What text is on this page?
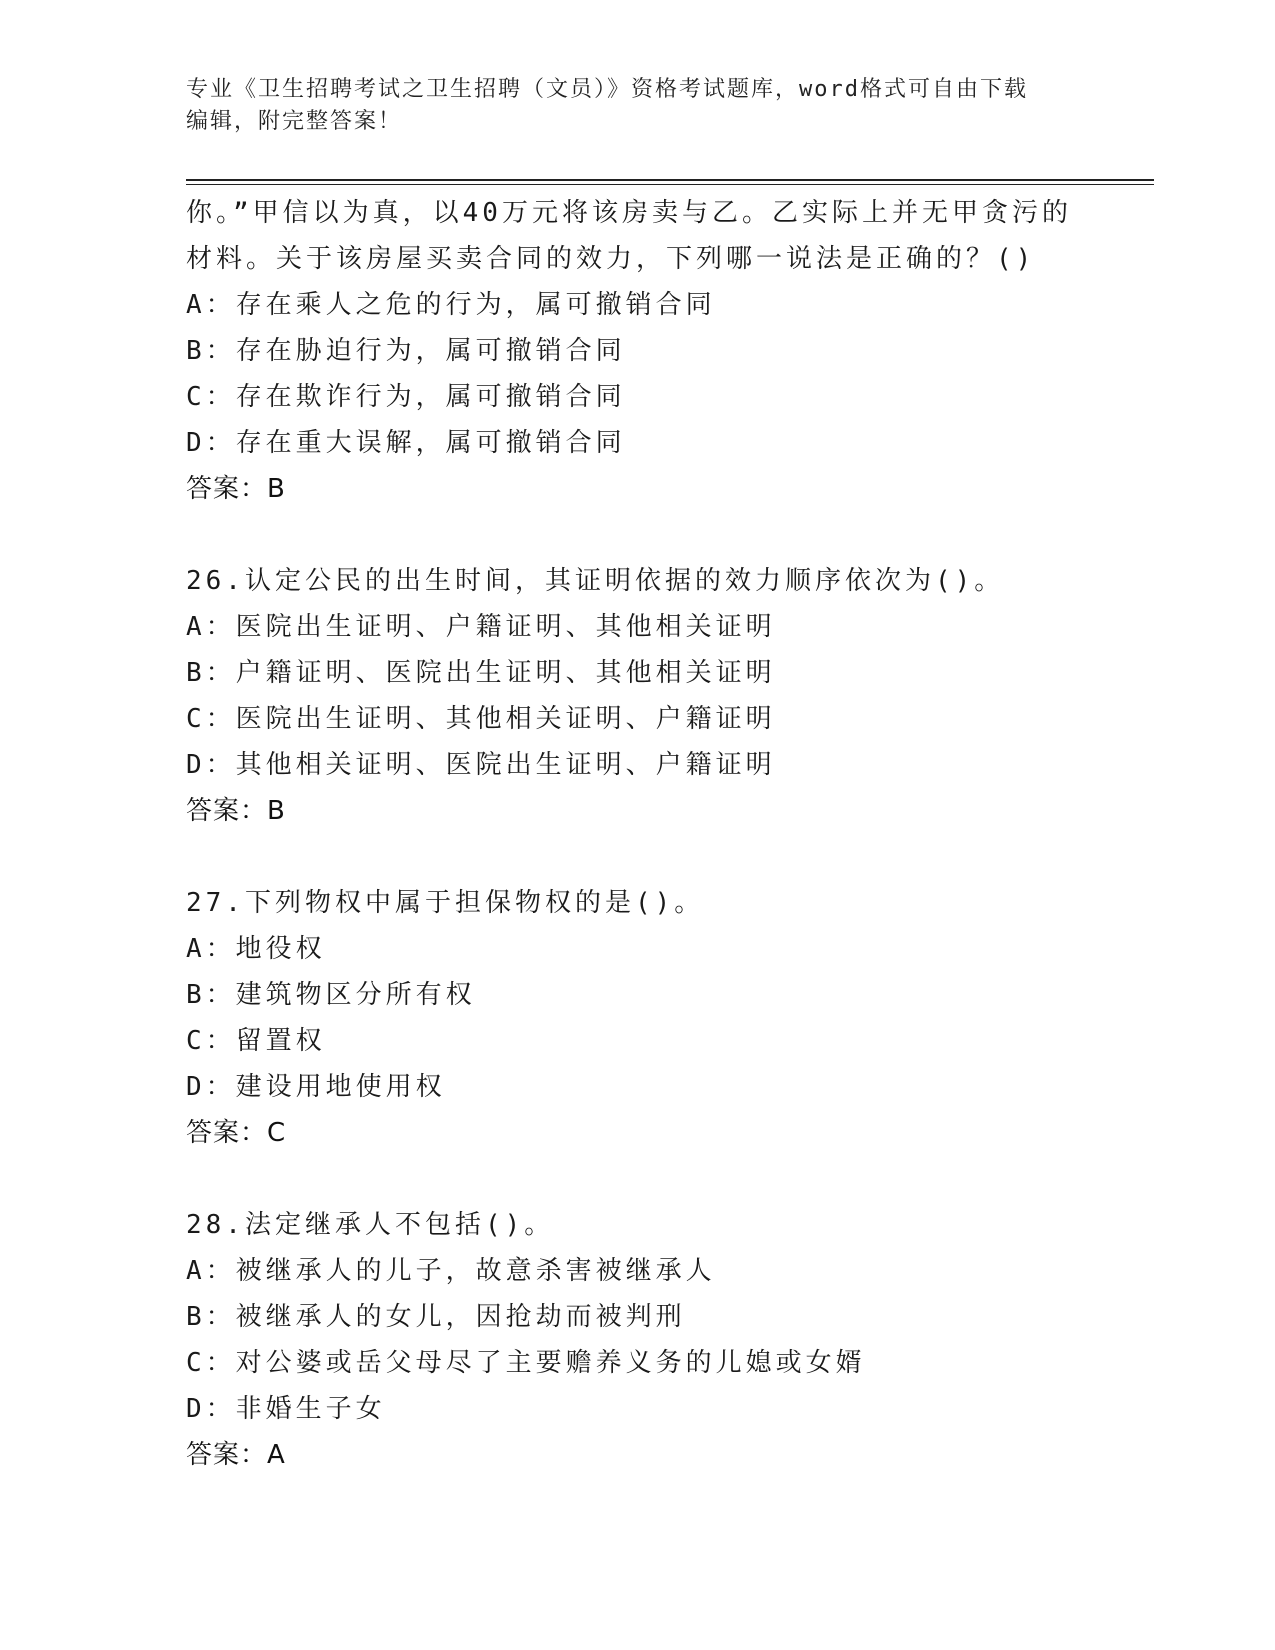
专业《卫生招聘考试之卫生招聘（文员）》资格考试题库，word格式可自由下载
编辑，附完整答案！
你。”甲信以为真，以40万元将该房卖与乙。乙实际上并无甲贪污的
材料。关于该房屋买卖合同的效力，下列哪一说法是正确的？()
A：存在乘人之危的行为，属可撤销合同
B：存在胁迫行为，属可撤销合同
C：存在欺诈行为，属可撤销合同
D：存在重大误解，属可撤销合同
答案：B
26.认定公民的出生时间，其证明依据的效力顺序依次为()。
A：医院出生证明、户籍证明、其他相关证明
B：户籍证明、医院出生证明、其他相关证明
C：医院出生证明、其他相关证明、户籍证明
D：其他相关证明、医院出生证明、户籍证明
答案：B
27.下列物权中属于担保物权的是()。
A：地役权
B：建筑物区分所有权
C：留置权
D：建设用地使用权
答案：C
28.法定继承人不包括()。
A：被继承人的儿子，故意杀害被继承人
B：被继承人的女儿，因抢劫而被判刑
C：对公婆或岳父母尽了主要赡养义务的儿媳或女婿
D：非婚生子女
答案：A
